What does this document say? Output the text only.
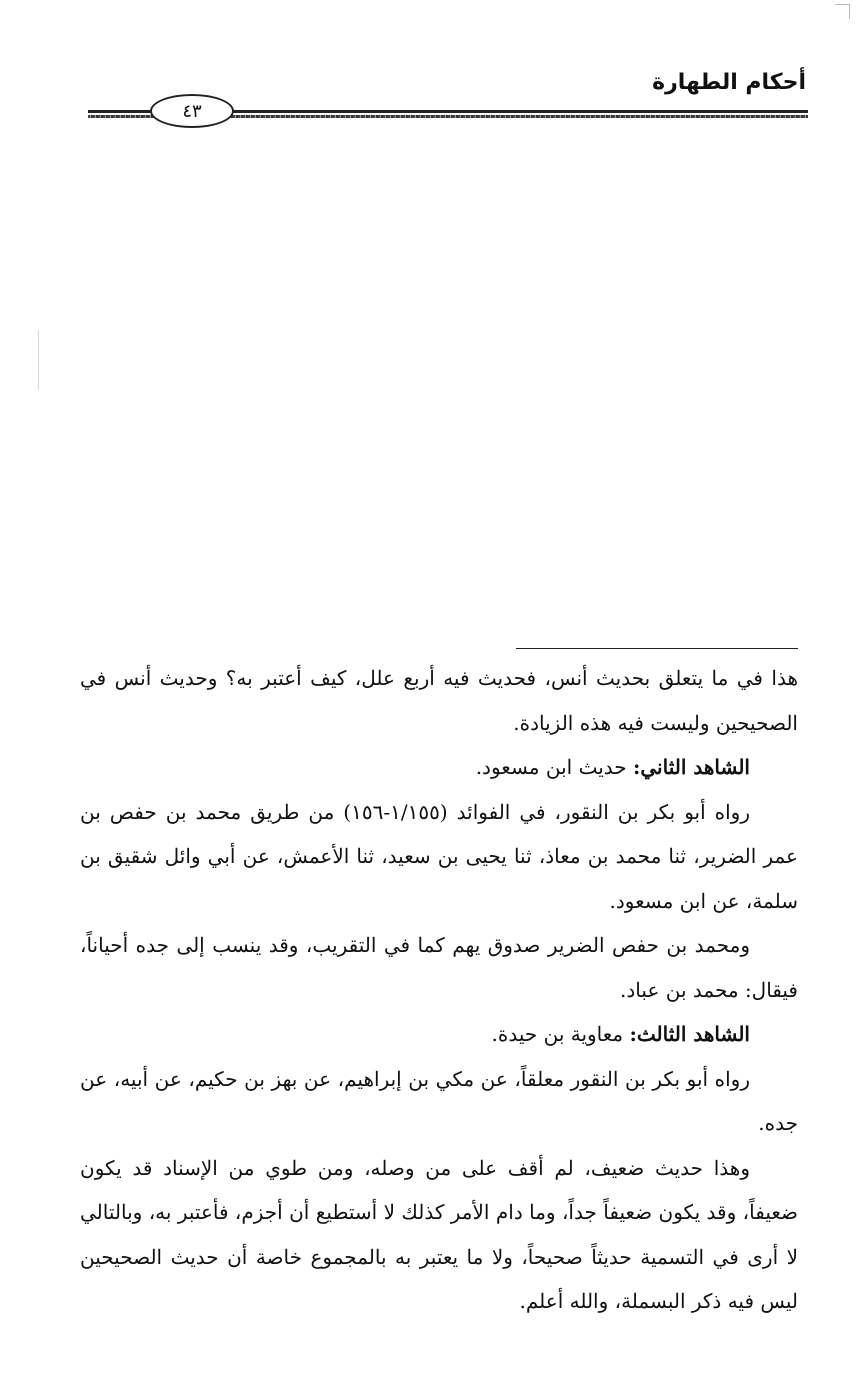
أحكام الطهارة
٤٣

هذا في ما يتعلق بحديث أنس، فحديث فيه أربع علل، كيف أعتبر به؟ وحديث أنس في الصحيحين وليست فيه هذه الزيادة.

الشاهد الثاني: حديث ابن مسعود.

رواه أبو بكر بن النقور، في الفوائد (١/١٥٥-١٥٦) من طريق محمد بن حفص بن عمر الضرير، ثنا محمد بن معاذ، ثنا يحيى بن سعيد، ثنا الأعمش، عن أبي وائل شقيق بن سلمة، عن ابن مسعود.

ومحمد بن حفص الضرير صدوق يهم كما في التقريب، وقد ينسب إلى جده أحياناً، فيقال: محمد بن عباد.

الشاهد الثالث: معاوية بن حيدة.

رواه أبو بكر بن النقور معلقاً، عن مكي بن إبراهيم، عن بهز بن حكيم، عن أبيه، عن جده.

وهذا حديث ضعيف، لم أقف على من وصله، ومن طوي من الإسناد قد يكون ضعيفاً، وقد يكون ضعيفاً جداً، وما دام الأمر كذلك لا أستطيع أن أجزم، فأعتبر به، وبالتالي لا أرى في التسمية حديثاً صحيحاً، ولا ما يعتبر به بالمجموع خاصة أن حديث الصحيحين ليس فيه ذكر البسملة، والله أعلم.
